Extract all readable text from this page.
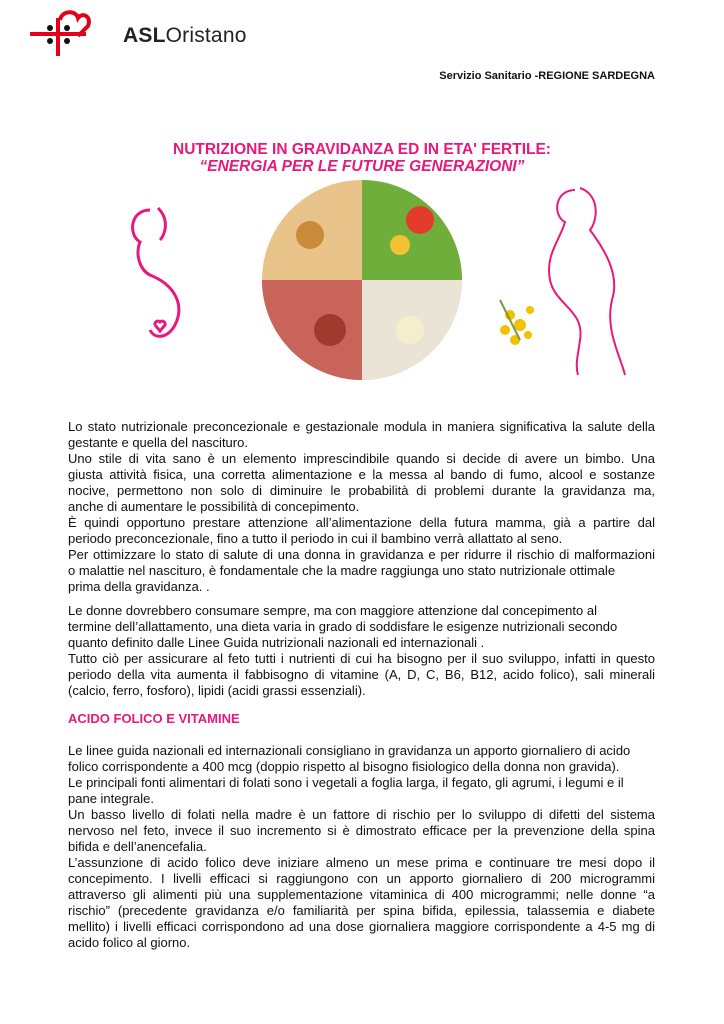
ASLOristano
Servizio Sanitario -REGIONE SARDEGNA
NUTRIZIONE IN GRAVIDANZA ED IN ETA' FERTILE:
“ENERGIA PER LE FUTURE GENERAZIONI”
Lo stato nutrizionale preconcezionale e gestazionale modula in maniera significativa la salute della
gestante e quella del nascituro.
Uno stile di vita sano è un elemento imprescindibile quando si decide di avere un bimbo. Una
giusta attività fisica, una corretta alimentazione e la messa al bando di fumo, alcool e sostanze
nocive, permettono non solo di diminuire le probabilità di problemi durante la gravidanza ma,
anche di aumentare le possibilità di concepimento.
È quindi opportuno prestare attenzione all’alimentazione della futura mamma, già a partire dal
periodo preconcezionale, fino a tutto il periodo in cui il bambino verrà allattato al seno.
Per ottimizzare lo stato di salute di una donna in gravidanza e per ridurre il rischio di malformazioni
o malattie nel nascituro, è fondamentale che la madre raggiunga uno stato nutrizionale ottimale
prima della gravidanza. .
Le donne dovrebbero consumare sempre, ma con maggiore attenzione dal concepimento al
termine dell’allattamento, una dieta varia in grado di soddisfare le esigenze nutrizionali secondo
quanto definito dalle Linee Guida nutrizionali nazionali ed internazionali .
Tutto ciò per assicurare al feto tutti i nutrienti di cui ha bisogno per il suo sviluppo, infatti in questo
periodo della vita aumenta il fabbisogno di vitamine (A, D, C, B6, B12, acido folico), sali minerali
(calcio, ferro, fosforo), lipidi (acidi grassi essenziali).
ACIDO FOLICO E VITAMINE
Le linee guida nazionali ed internazionali consigliano in gravidanza un apporto giornaliero di acido
folico corrispondente a 400 mcg (doppio rispetto al bisogno fisiologico della donna non gravida).
Le principali fonti alimentari di folati sono i vegetali a foglia larga, il fegato, gli agrumi, i legumi e il
pane integrale.
Un basso livello di folati nella madre è un fattore di rischio per lo sviluppo di difetti del sistema
nervoso nel feto, invece il suo incremento si è dimostrato efficace per la prevenzione della spina
bifida e dell’anencefalia.
L’assunzione di acido folico deve iniziare almeno un mese prima e continuare tre mesi dopo il
concepimento. I livelli efficaci si raggiungono con un apporto giornaliero di 200 microgrammi
attraverso gli alimenti più una supplementazione vitaminica di 400 microgrammi; nelle donne “a
rischio” (precedente gravidanza e/o familiarità per spina bifida, epilessia, talassemia e diabete
mellito) i livelli efficaci corrispondono ad una dose giornaliera maggiore corrispondente a 4-5 mg di
acido folico al giorno.
